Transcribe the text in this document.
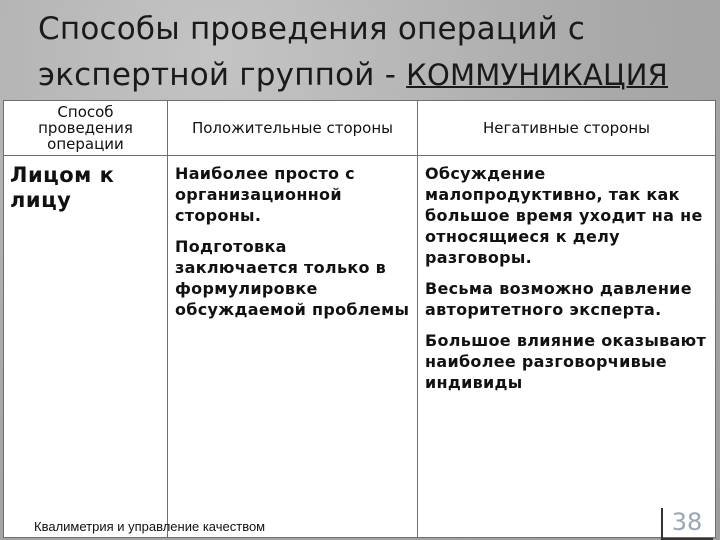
Способы проведения операций с
экспертной группой - КОММУНИКАЦИЯ
Способ проведения операции
Положительные стороны	Негативные стороны
Лицом к лицу

Наиболее просто с организационной стороны.

Подготовка заключается только в формулировке обсуждаемой проблемы

Обсуждение малопродуктивно, так как большое время уходит на не относящиеся к делу разговоры.

Весьма возможно давление авторитетного эксперта.

Большое влияние оказывают наиболее разговорчивые индивиды

Квалиметрия и управление качеством	38
